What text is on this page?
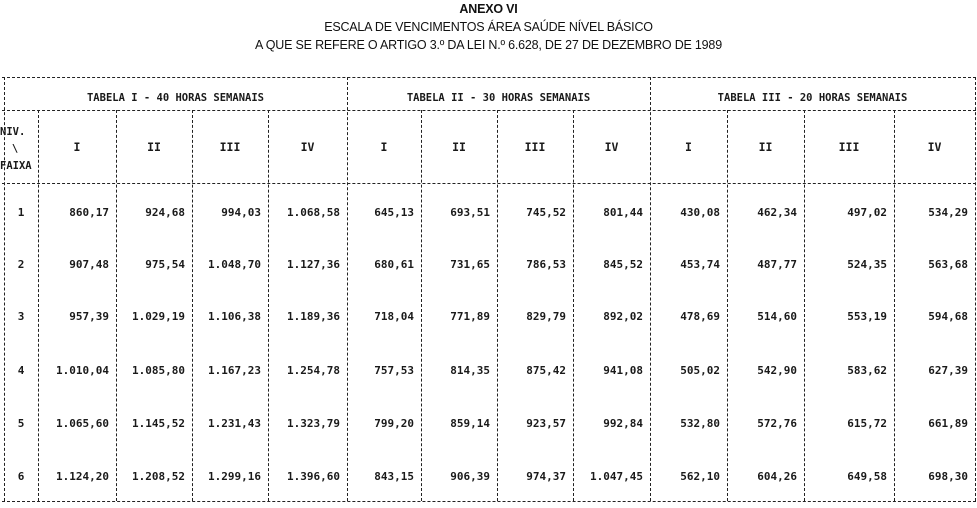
ANEXO VI
ESCALA DE VENCIMENTOS ÁREA SAÚDE NÍVEL BÁSICO
A QUE SE REFERE O ARTIGO 3.º DA LEI N.º 6.628, DE 27 DE DEZEMBRO DE 1989
TABELA I - 40 HORAS SEMANAIS	TABELA II - 30 HORAS SEMANAIS	TABELA III - 20 HORAS SEMANAIS
NIV.
\
FAIXA
I	II	III	IV	I	II	III	IV	I	II	III	IV
1	860,17	924,68	994,03	1.068,58	645,13	693,51	745,52	801,44	430,08	462,34	497,02	534,29
2	907,48	975,54	1.048,70	1.127,36	680,61	731,65	786,53	845,52	453,74	487,77	524,35	563,68
3	957,39	1.029,19	1.106,38	1.189,36	718,04	771,89	829,79	892,02	478,69	514,60	553,19	594,68
4	1.010,04	1.085,80	1.167,23	1.254,78	757,53	814,35	875,42	941,08	505,02	542,90	583,62	627,39
5	1.065,60	1.145,52	1.231,43	1.323,79	799,20	859,14	923,57	992,84	532,80	572,76	615,72	661,89
6	1.124,20	1.208,52	1.299,16	1.396,60	843,15	906,39	974,37	1.047,45	562,10	604,26	649,58	698,30
